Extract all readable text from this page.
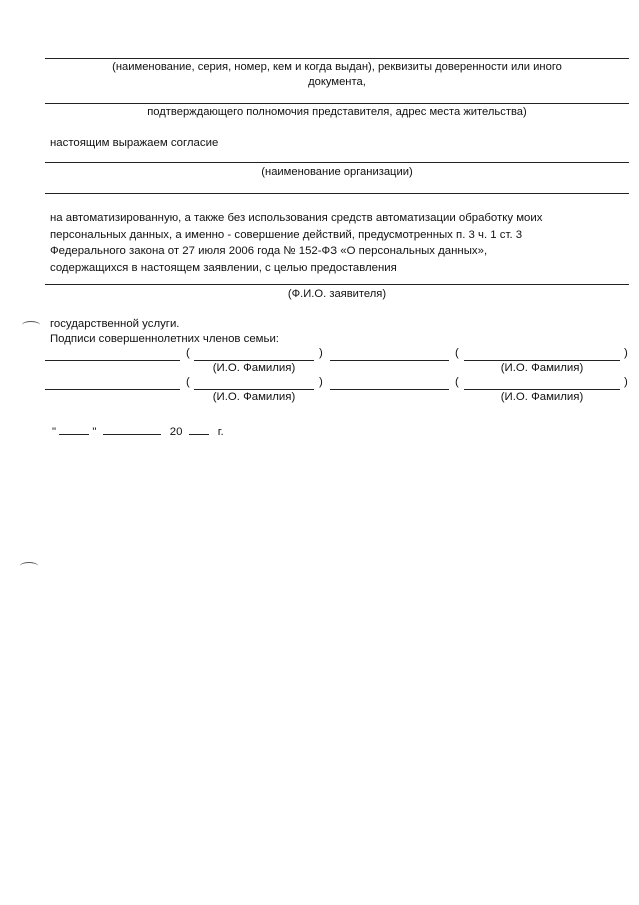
(наименование, серия, номер, кем и когда выдан), реквизиты доверенности или иного
документа,
подтверждающего полномочия представителя, адрес места жительства)
настоящим выражаем согласие
(наименование организации)
на автоматизированную, а также без использования средств автоматизации обработку моих
персональных данных, а именно - совершение действий, предусмотренных п. 3 ч. 1 ст. 3
Федерального закона от 27 июля 2006 года № 152-ФЗ «О персональных данных»,
содержащихся в настоящем заявлении, с целью предоставления
(Ф.И.О. заявителя)
государственной услуги.
Подписи совершеннолетних членов семьи:
(	)	(	)
(И.О. Фамилия)	(И.О. Фамилия)
(	)	(	)
(И.О. Фамилия)	(И.О. Фамилия)
"	"	20	г.
